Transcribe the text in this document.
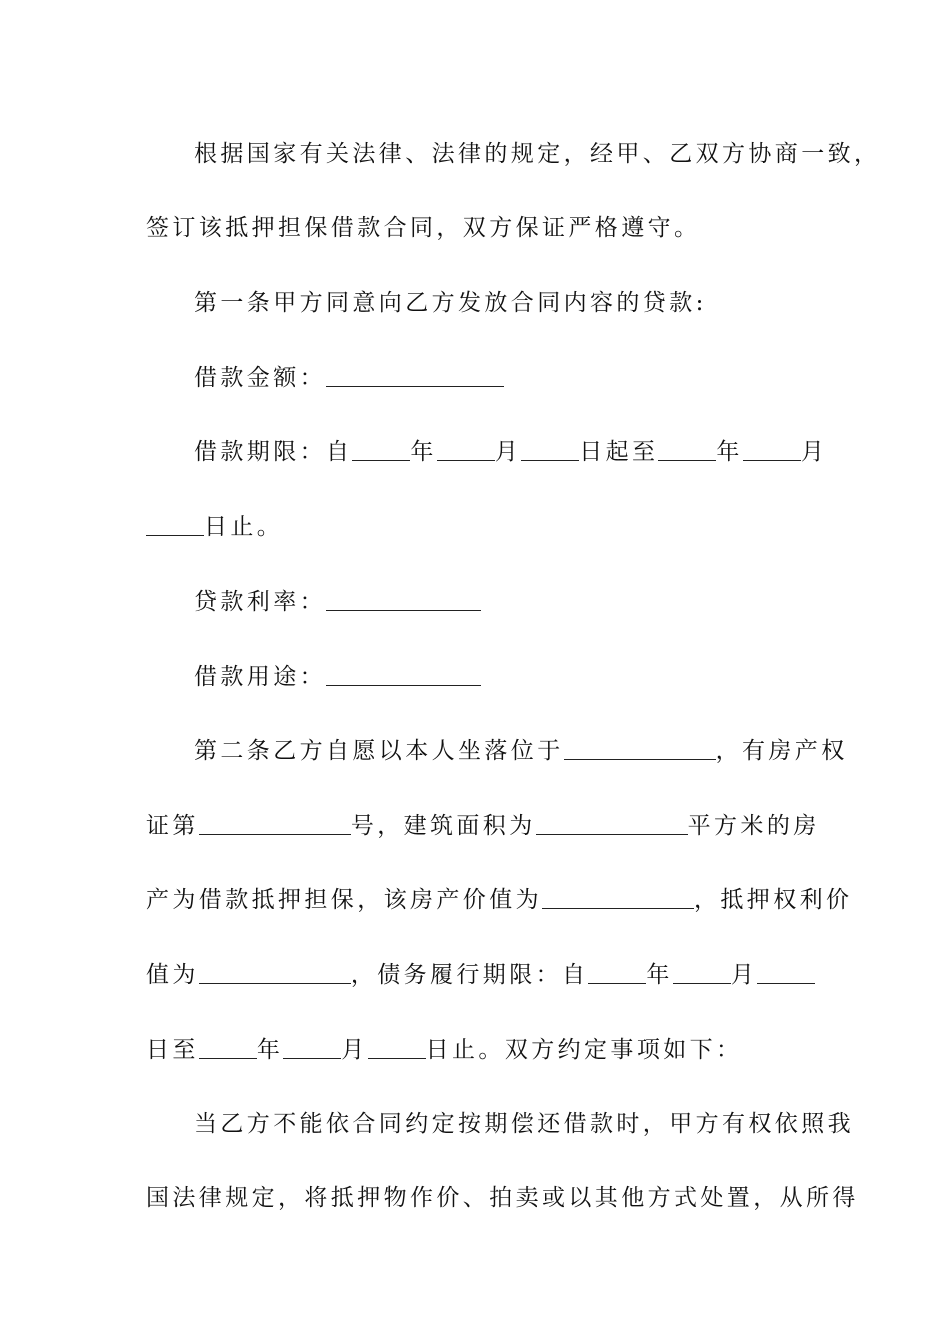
根据国家有关法律、法律的规定，经甲、乙双方协商一致，
签订该抵押担保借款合同，双方保证严格遵守。
第一条甲方同意向乙方发放合同内容的贷款:
借款金额：
借款期限：自	年	月	日起至	年	月
日止。
贷款利率：
借款用途：
第二条乙方自愿以本人坐落位于	，有房产权
证第	号，建筑面积为	平方米的房
产为借款抵押担保，该房产价值为	，抵押权利价
值为	，债务履行期限：自	年	月
日至	年	月	日止。双方约定事项如下：
当乙方不能依合同约定按期偿还借款时，甲方有权依照我
国法律规定，将抵押物作价、拍卖或以其他方式处置，从所得
